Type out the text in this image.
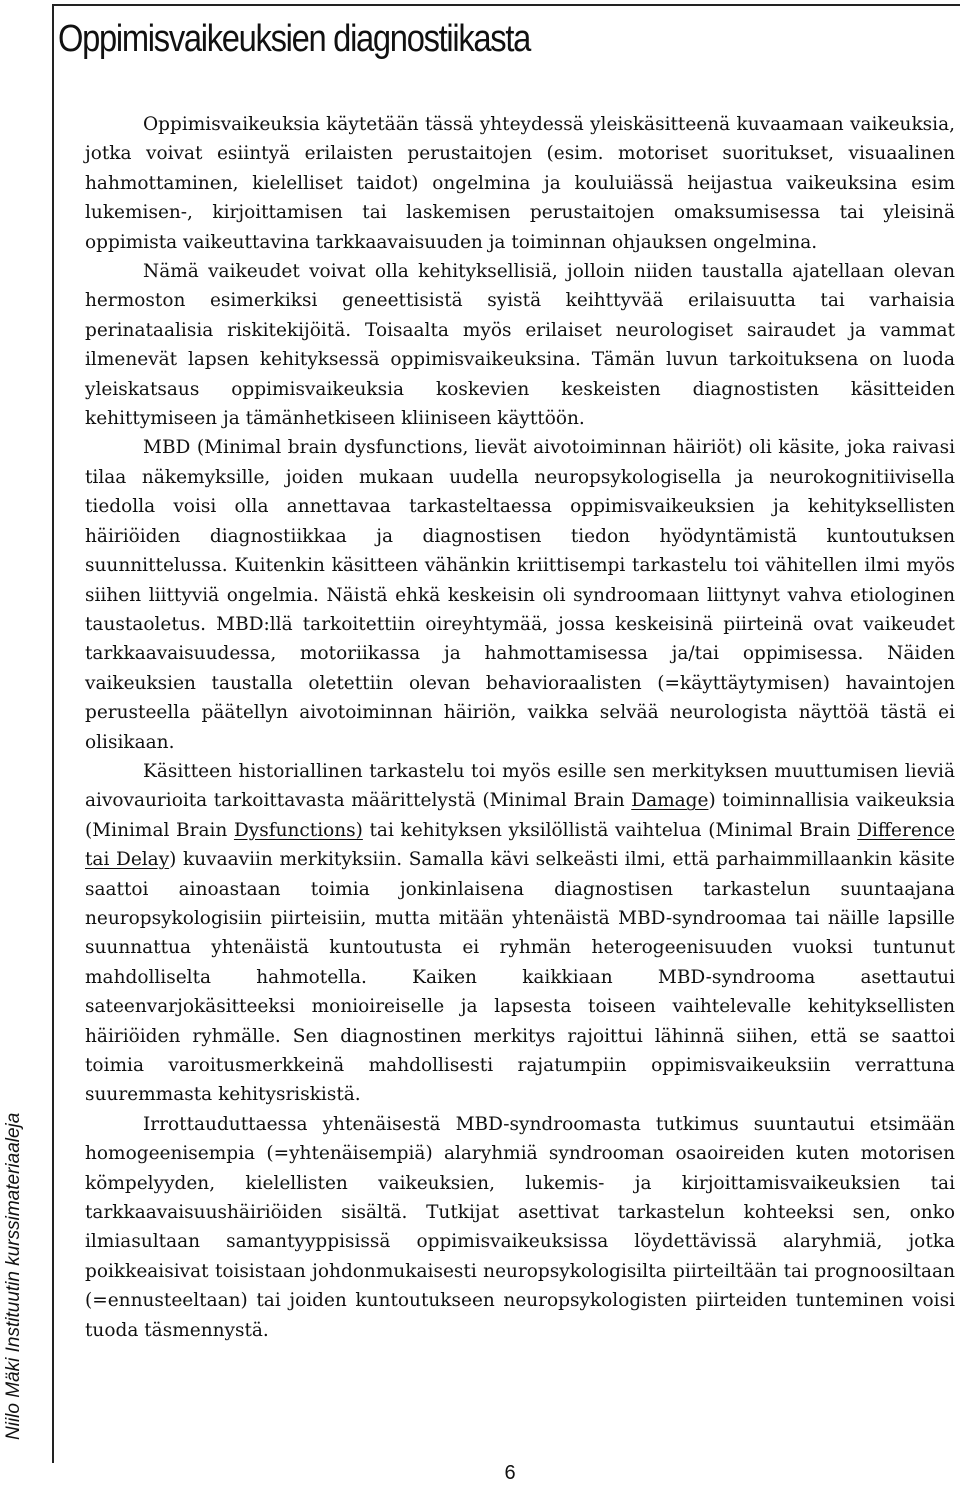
Oppimisvaikeuksien diagnostiikasta
Niilo Mäki Instituutin kurssimateriaaleja

Oppimisvaikeuksia käytetään tässä yhteydessä yleiskäsitteenä kuvaamaan vaikeuksia, jotka voivat esiintyä erilaisten perustaitojen (esim. motoriset suoritukset, visuaalinen hahmottaminen, kielelliset taidot) ongelmina ja kouluiässä heijastua vaikeuksina esim lukemisen-, kirjoittamisen tai laskemisen perustaitojen omaksumisessa tai yleisinä oppimista vaikeuttavina tarkkaavaisuuden ja toiminnan ohjauksen ongelmina.

Nämä vaikeudet voivat olla kehityksellisiä, jolloin niiden taustalla ajatellaan olevan hermoston esimerkiksi geneettisistä syistä keihttyvää erilaisuutta tai varhaisia perinataalisia riskitekijöitä. Toisaalta myös erilaiset neurologiset sairaudet ja vammat ilmenevät lapsen kehityksessä oppimisvaikeuksina. Tämän luvun tarkoituksena on luoda yleiskatsaus oppimisvaikeuksia koskevien keskeisten diagnostisten käsitteiden kehittymiseen ja tämänhetkiseen kliiniseen käyttöön.

MBD (Minimal brain dysfunctions, lievät aivotoiminnan häiriöt) oli käsite, joka raivasi tilaa näkemyksille, joiden mukaan uudella neuropsykologisella ja neurokognitiivisella tiedolla voisi olla annettavaa tarkasteltaessa oppimisvaikeuksien ja kehityksellisten häiriöiden diagnostiikkaa ja diagnostisen tiedon hyödyntämistä kuntoutuksen suunnittelussa. Kuitenkin käsitteen vähänkin kriittisempi tarkastelu toi vähitellen ilmi myös siihen liittyviä ongelmia. Näistä ehkä keskeisin oli syndroomaan liittynyt vahva etiologinen taustaoletus. MBD:llä tarkoitettiin oireyhtymää, jossa keskeisinä piirteinä ovat vaikeudet tarkkaavaisuudessa, motoriikassa ja hahmottamisessa ja/tai oppimisessa. Näiden vaikeuksien taustalla oletettiin olevan behavioraalisten (=käyttäytymisen) havaintojen perusteella päätellyn aivotoiminnan häiriön, vaikka selvää neurologista näyttöä tästä ei olisikaan.

Käsitteen historiallinen tarkastelu toi myös esille sen merkityksen muuttumisen lieviä aivovaurioita tarkoittavasta määrittelystä (Minimal Brain Damage) toiminnallisia vaikeuksia (Minimal Brain Dysfunctions) tai kehityksen yksilöllistä vaihtelua (Minimal Brain Difference tai Delay) kuvaaviin merkityksiin. Samalla kävi selkeästi ilmi, että parhaimmillaankin käsite saattoi ainoastaan toimia jonkinlaisena diagnostisen tarkastelun suuntaajana neuropsykologisiin piirteisiin, mutta mitään yhtenäistä MBD-syndroomaa tai näille lapsille suunnattua yhtenäistä kuntoutusta ei ryhmän heterogeenisuuden vuoksi tuntunut mahdolliselta hahmotella. Kaiken kaikkiaan MBD-syndrooma asettautui sateenvarjokäsitteeksi monioireiselle ja lapsesta toiseen vaihtelevalle kehityksellisten häiriöiden ryhmälle. Sen diagnostinen merkitys rajoittui lähinnä siihen, että se saattoi toimia varoitusmerkkeinä mahdollisesti rajatumpiin oppimisvaikeuksiin verrattuna suuremmasta kehitysriskistä.

Irrottauduttaessa yhtenäisestä MBD-syndroomasta tutkimus suuntautui etsimään homogeenisempia (=yhtenäisempiä) alaryhmiä syndrooman osaoireiden kuten motorisen kömpelyyden, kielellisten vaikeuksien, lukemis- ja kirjoittamisvaikeuksien tai tarkkaavaisuushäiriöiden sisältä. Tutkijat asettivat tarkastelun kohteeksi sen, onko ilmiasultaan samantyyppisissä oppimisvaikeuksissa löydettävissä alaryhmiä, jotka poikkeaisivat toisistaan johdonmukaisesti neuropsykologisilta piirteiltään tai prognoosiltaan (=ennusteeltaan) tai joiden kuntoutukseen neuropsykologisten piirteiden tunteminen voisi tuoda täsmennystä.

6
